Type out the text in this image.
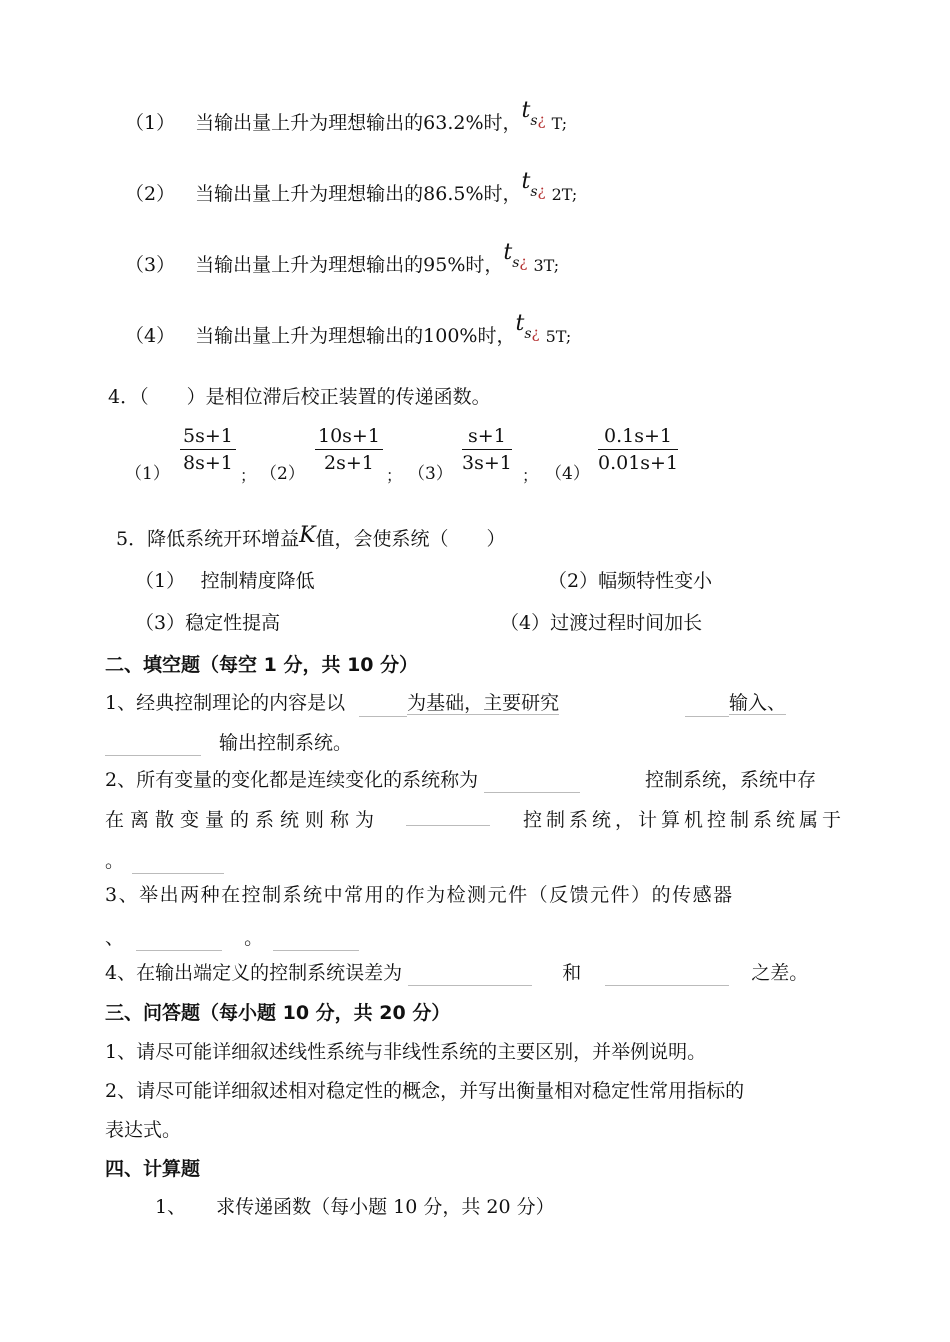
（1） 当输出量上升为理想输出的63.2%时，$t_s^¿$ T;
（2） 当输出量上升为理想输出的86.5%时，$t_s^¿$ 2T;
（3） 当输出量上升为理想输出的95%时，$t_s^¿$ 3T;
（4） 当输出量上升为理想输出的100%时，$t_s^¿$ 5T;
4．（　　）是相位滞后校正装置的传递函数。
$(1) \frac{5s+1}{8s+1}$
； $(2) \frac{10s+1}{2s+1}$
； $(3) \frac{s+1}{3s+1}$
； $(4) \frac{0.1s+1}{0.01s+1}$
5．降低系统开环增益K值，会使系统（　　）
（1）　 控制精度降低	（2）幅频特性变小
（3）稳定性提高	（4）过渡过程时间加长
二、填空题（每空 1 分，共 10 分）
1、经典控制理论的内容是以	为基础，主要研究	输入、
输出控制系统。
2、所有变量的变化都是连续变化的系统称为	控制系统，系统中存
在离散变量的系统则称为	控制系统，计算机控制系统属于
。
3、举出两种在控制系统中常用的作为检测元件（反馈元件）的传感器
、	。
4、在输出端定义的控制系统误差为	和	之差。
三、问答题（每小题 10 分，共 20 分）
1、请尽可能详细叙述线性系统与非线性系统的主要区别，并举例说明。
2、请尽可能详细叙述相对稳定性的概念，并写出衡量相对稳定性常用指标的
表达式。
四、计算题
1、 求传递函数（每小题 10 分，共 20 分）
